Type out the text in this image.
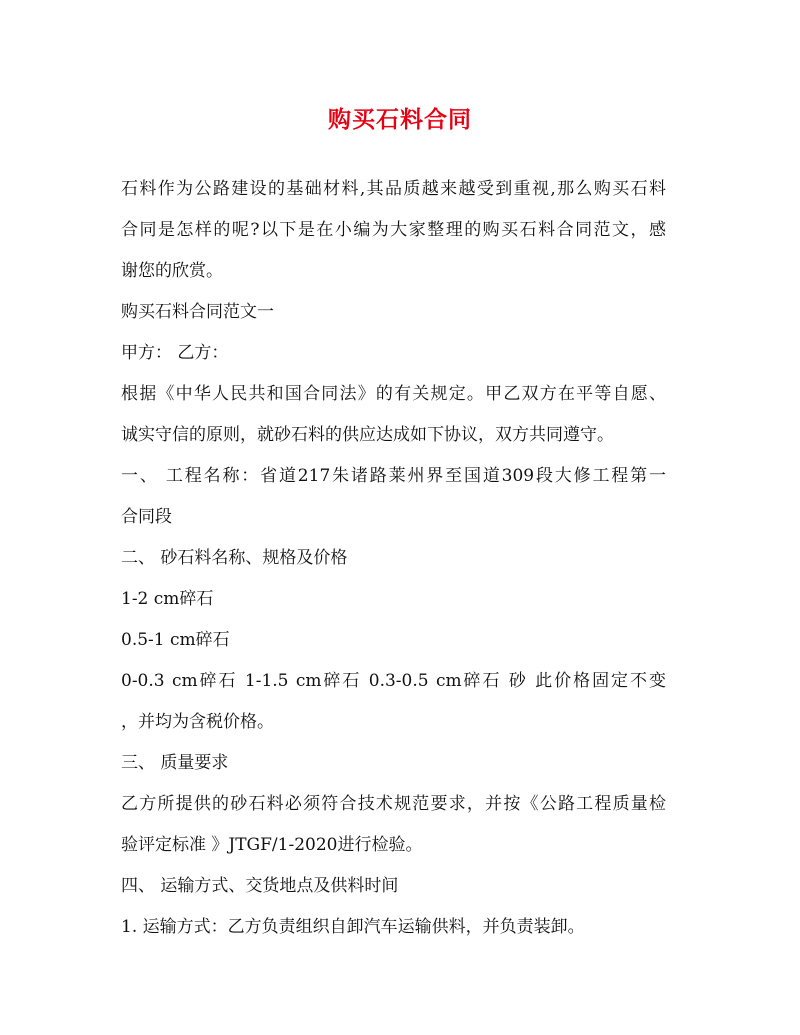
购买石料合同
石料作为公路建设的基础材料,其品质越来越受到重视,那么购买石料
合同是怎样的呢?以下是在小编为大家整理的购买石料合同范文，感
谢您的欣赏。
购买石料合同范文一
甲方： 乙方：
根据《中华人民共和国合同法》的有关规定。甲乙双方在平等自愿、
诚实守信的原则，就砂石料的供应达成如下协议，双方共同遵守。
一、 工程名称：省道217朱诸路莱州界至国道309段大修工程第一
合同段
二、 砂石料名称、规格及价格
1-2 cm碎石
0.5-1 cm碎石
0-0.3 cm碎石 1-1.5 cm碎石 0.3-0.5 cm碎石 砂 此价格固定不变
，并均为含税价格。
三、 质量要求
乙方所提供的砂石料必须符合技术规范要求，并按《公路工程质量检
验评定标准 》JTGF/1-2020进行检验。
四、 运输方式、交货地点及供料时间
1. 运输方式：乙方负责组织自卸汽车运输供料，并负责装卸。
